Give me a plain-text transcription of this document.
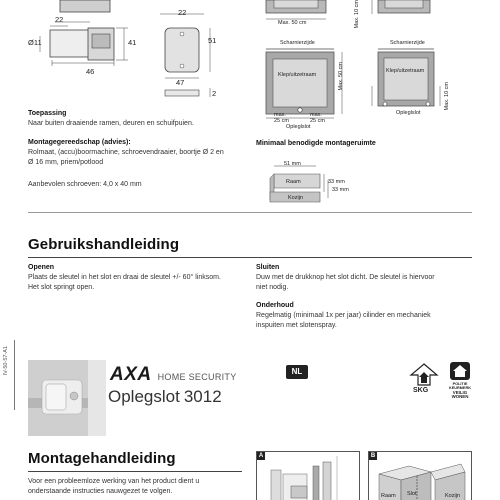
22
Ø11	41
46
22
51
47
2
Max. 50 cm	Max. 10 cm
Scharnierzijde	Scharnierzijde
Klep/uitzetraam
Klep/uitzetraam
Max. 50 cm
Max. 10 cm
max.
25 cm
max.
25 cm
Opleglslot
Opleglslot
Toepassing
Naar buiten draaiende ramen, deuren en schuifpuien.
Montagegereedschap (advies):
Rolmaat, (accu)boormachine, schroevendraaier, boortje Ø 2 en
Ø 16 mm, priem/potlood
Aanbevolen schroeven: 4,0 x 40 mm
Minimaal benodigde montageruimte
51 mm
Raam
Kozijn
33 mm
33 mm
Gebruikshandleiding
Openen
Plaats de sleutel in het slot en draai de sleutel +/- 60° linksom.
Het slot springt open.
Sluiten
Duw met de drukknop het slot dicht. De sleutel is hiervoor
niet nodig.
Onderhoud
Regelmatig (minimaal 1x per jaar) cilinder en mechaniek
inspuiten met slotenspray.
IV-50-57-A1	AXA HOME SECURITY
Oplegslot 3012
NL
SKG
POLITIE
KEURMERK
VEILIG
WONEN
Montagehandleiding
Voor een probleemloze werking van het product dient u
onderstaande instructies nauwgezet te volgen.
A	B
Raam Slot	Kozijn
